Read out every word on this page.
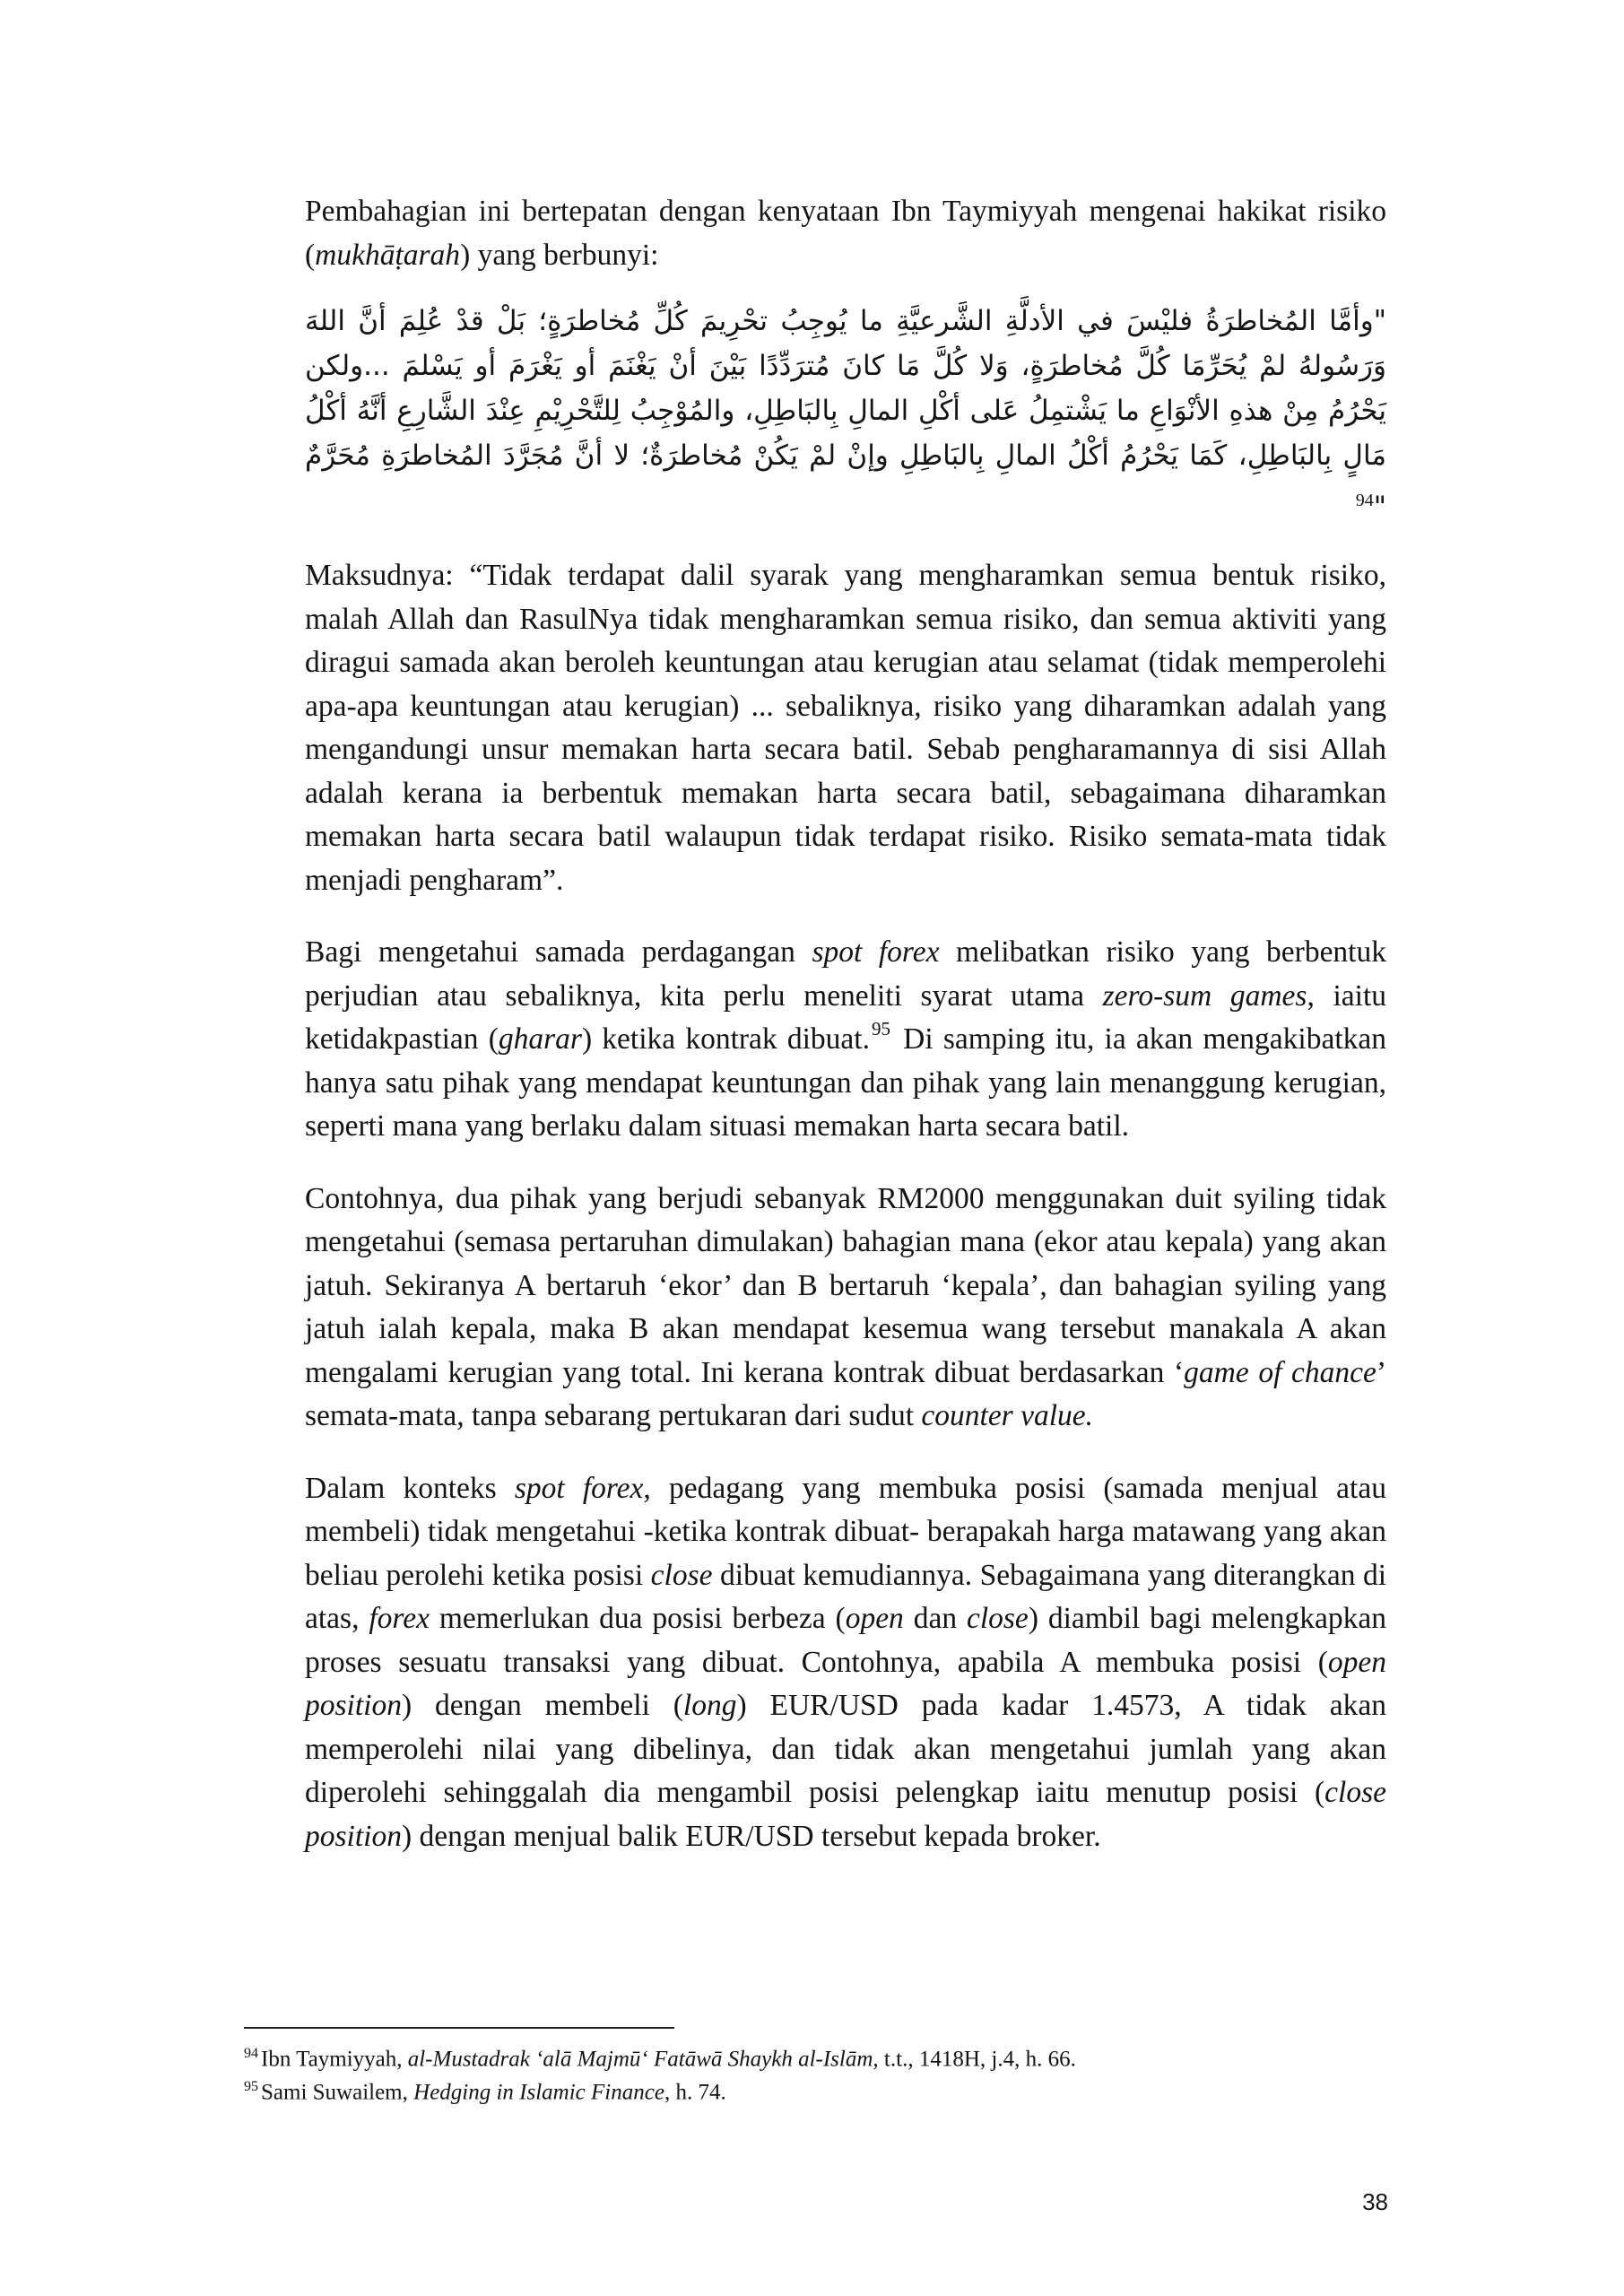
Pembahagian ini bertepatan dengan kenyataan Ibn Taymiyyah mengenai hakikat risiko (mukhāṭarah) yang berbunyi:

"وأمَّا المُخاطرَةُ فليْسَ في الأدلَّةِ الشَّرعيَّةِ ما يُوجِبُ تحْرِيمَ كُلِّ مُخاطرَةٍ؛ بَلْ قدْ عُلِمَ أنَّ اللهَ وَرَسُولهُ لمْ يُحَرِّمَا كُلَّ مُخاطرَةٍ، وَلا كُلَّ مَا كانَ مُترَدِّدًا بَيْنَ أنْ يَغْنَمَ أو يَغْرَمَ أو يَسْلمَ ...ولكن يَحْرُمُ مِنْ هذهِ الأنْوَاعِ ما يَشْتمِلُ عَلى أكْلِ المالِ بِالبَاطِلِ، والمُوْجِبُ لِلتَّحْرِيْمِ عِنْدَ الشَّارِعِ أنَّهُ أكْلُ مَالٍ بِالبَاطِلِ، كَمَا يَحْرُمُ أكْلُ المالِ بِالبَاطِلِ وإنْ لمْ يَكُنْ مُخاطرَةٌ؛ لا أنَّ مُجَرَّدَ المُخاطرَةِ مُحَرَّمٌ "$^{94}$

Maksudnya: “Tidak terdapat dalil syarak yang mengharamkan semua bentuk risiko, malah Allah dan RasulNya tidak mengharamkan semua risiko, dan semua aktiviti yang diragui samada akan beroleh keuntungan atau kerugian atau selamat (tidak memperolehi apa-apa keuntungan atau kerugian) ... sebaliknya, risiko yang diharamkan adalah yang mengandungi unsur memakan harta secara batil. Sebab pengharamannya di sisi Allah adalah kerana ia berbentuk memakan harta secara batil, sebagaimana diharamkan memakan harta secara batil walaupun tidak terdapat risiko. Risiko semata-mata tidak menjadi pengharam”.

Bagi mengetahui samada perdagangan spot forex melibatkan risiko yang berbentuk perjudian atau sebaliknya, kita perlu meneliti syarat utama zero-sum games, iaitu ketidakpastian (gharar) ketika kontrak dibuat.$^{95}$ Di samping itu, ia akan mengakibatkan hanya satu pihak yang mendapat keuntungan dan pihak yang lain menanggung kerugian, seperti mana yang berlaku dalam situasi memakan harta secara batil.

Contohnya, dua pihak yang berjudi sebanyak RM2000 menggunakan duit syiling tidak mengetahui (semasa pertaruhan dimulakan) bahagian mana (ekor atau kepala) yang akan jatuh. Sekiranya A bertaruh ‘ekor’ dan B bertaruh ‘kepala’, dan bahagian syiling yang jatuh ialah kepala, maka B akan mendapat kesemua wang tersebut manakala A akan mengalami kerugian yang total. Ini kerana kontrak dibuat berdasarkan ‘game of chance’ semata-mata, tanpa sebarang pertukaran dari sudut counter value.

Dalam konteks spot forex, pedagang yang membuka posisi (samada menjual atau membeli) tidak mengetahui -ketika kontrak dibuat- berapakah harga matawang yang akan beliau perolehi ketika posisi close dibuat kemudiannya. Sebagaimana yang diterangkan di atas, forex memerlukan dua posisi berbeza (open dan close) diambil bagi melengkapkan proses sesuatu transaksi yang dibuat. Contohnya, apabila A membuka posisi (open position) dengan membeli (long) EUR/USD pada kadar 1.4573, A tidak akan memperolehi nilai yang dibelinya, dan tidak akan mengetahui jumlah yang akan diperolehi sehinggalah dia mengambil posisi pelengkap iaitu menutup posisi (close position) dengan menjual balik EUR/USD tersebut kepada broker.

$^{94}$ Ibn Taymiyyah, al-Mustadrak ‘alā Majmū‘ Fatāwā Shaykh al-Islām, t.t., 1418H, j.4, h. 66.

$^{95}$ Sami Suwailem, Hedging in Islamic Finance, h. 74.

38
